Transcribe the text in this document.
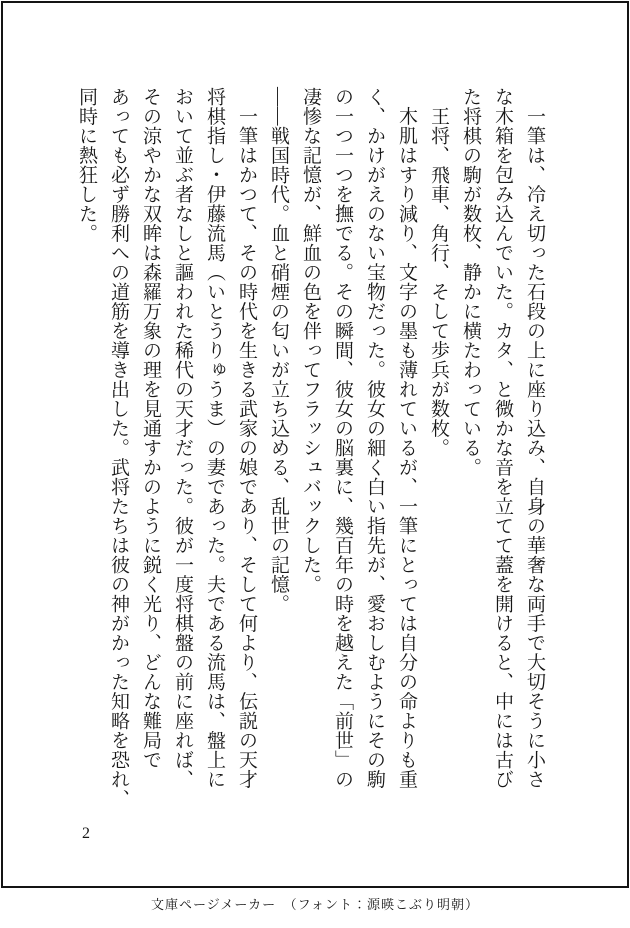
　一筆は、冷え切った石段の上に座り込み、自身の華奢な両手で大切そうに小さ
な木箱を包み込んでいた。カタ、と微かな音を立てて蓋を開けると、中には古び
た将棋の駒が数枚、静かに横たわっている。
　王将、飛車、角行、そして歩兵が数枚。
　木肌はすり減り、文字の墨も薄れているが、一筆にとっては自分の命よりも重
く、かけがえのない宝物だった。彼女の細く白い指先が、愛おしむようにその駒
の一つ一つを撫でる。その瞬間、彼女の脳裏に、幾百年の時を越えた「前世」の
凄惨な記憶が、鮮血の色を伴ってフラッシュバックした。
――戦国時代。血と硝煙の匂いが立ち込める、乱世の記憶。
　一筆はかつて、その時代を生きる武家の娘であり、そして何より、伝説の天才
将棋指し・伊藤流馬（いとうりゅうま）の妻であった。夫である流馬は、盤上に
おいて並ぶ者なしと謳われた稀代の天才だった。彼が一度将棋盤の前に座れば、
その涼やかな双眸は森羅万象の理を見通すかのように鋭く光り、どんな難局で
あっても必ず勝利への道筋を導き出した。武将たちは彼の神がかった知略を恐れ、
同時に熱狂した。
2
文庫ページメーカー　（フォント：源暎こぶり明朝）
